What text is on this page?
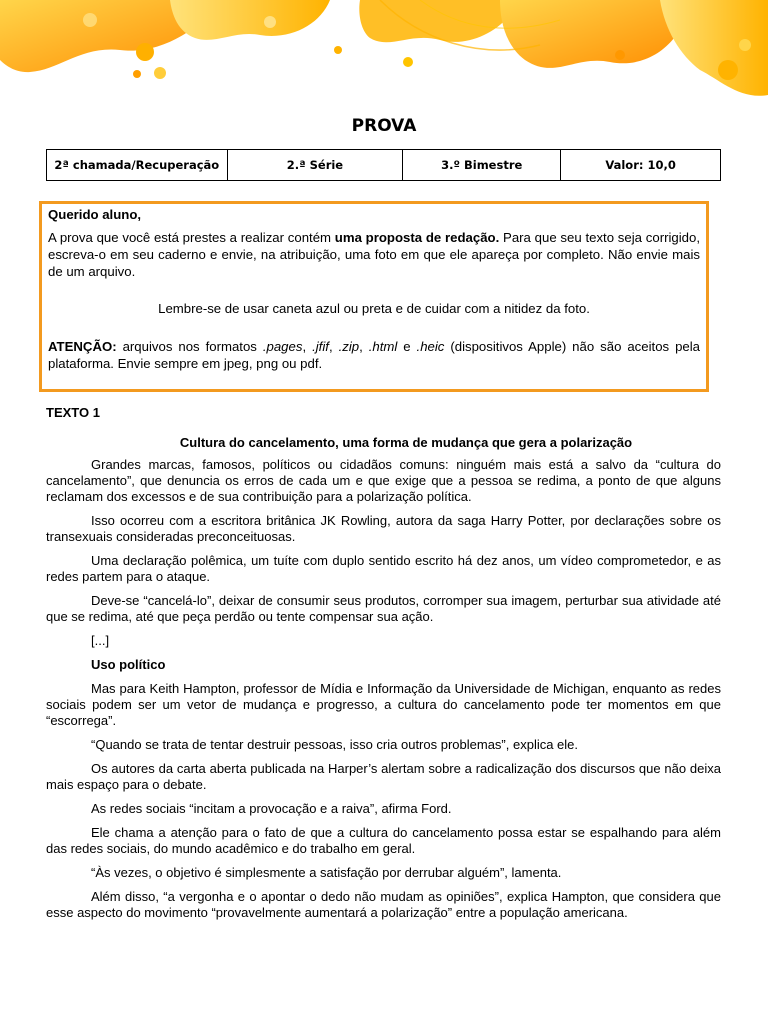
PROVA
2ª chamada/Recuperação	2.ª Série	3.º Bimestre	Valor: 10,0

Querido aluno,

A prova que você está prestes a realizar contém uma proposta de redação. Para que seu texto seja corrigido, escreva-o em seu caderno e envie, na atribuição, uma foto em que ele apareça por completo. Não envie mais de um arquivo.

Lembre-se de usar caneta azul ou preta e de cuidar com a nitidez da foto.

ATENÇÃO: arquivos nos formatos .pages, .jfif, .zip, .html e .heic (dispositivos Apple) não são aceitos pela plataforma. Envie sempre em jpeg, png ou pdf.

TEXTO 1

Cultura do cancelamento, uma forma de mudança que gera a polarização

Grandes marcas, famosos, políticos ou cidadãos comuns: ninguém mais está a salvo da “cultura do cancelamento”, que denuncia os erros de cada um e que exige que a pessoa se redima, a ponto de que alguns reclamam dos excessos e de sua contribuição para a polarização política.

Isso ocorreu com a escritora britânica JK Rowling, autora da saga Harry Potter, por declarações sobre os transexuais consideradas preconceituosas.

Uma declaração polêmica, um tuíte com duplo sentido escrito há dez anos, um vídeo comprometedor, e as redes partem para o ataque.

Deve-se “cancelá-lo”, deixar de consumir seus produtos, corromper sua imagem, perturbar sua atividade até que se redima, até que peça perdão ou tente compensar sua ação.

[...]

Uso político

Mas para Keith Hampton, professor de Mídia e Informação da Universidade de Michigan, enquanto as redes sociais podem ser um vetor de mudança e progresso, a cultura do cancelamento pode ter momentos em que “escorrega”.

“Quando se trata de tentar destruir pessoas, isso cria outros problemas”, explica ele.

Os autores da carta aberta publicada na Harper’s alertam sobre a radicalização dos discursos que não deixa mais espaço para o debate.

As redes sociais “incitam a provocação e a raiva”, afirma Ford.

Ele chama a atenção para o fato de que a cultura do cancelamento possa estar se espalhando para além das redes sociais, do mundo acadêmico e do trabalho em geral.

“Às vezes, o objetivo é simplesmente a satisfação por derrubar alguém”, lamenta.

Além disso, “a vergonha e o apontar o dedo não mudam as opiniões”, explica Hampton, que considera que esse aspecto do movimento “provavelmente aumentará a polarização” entre a população americana.
